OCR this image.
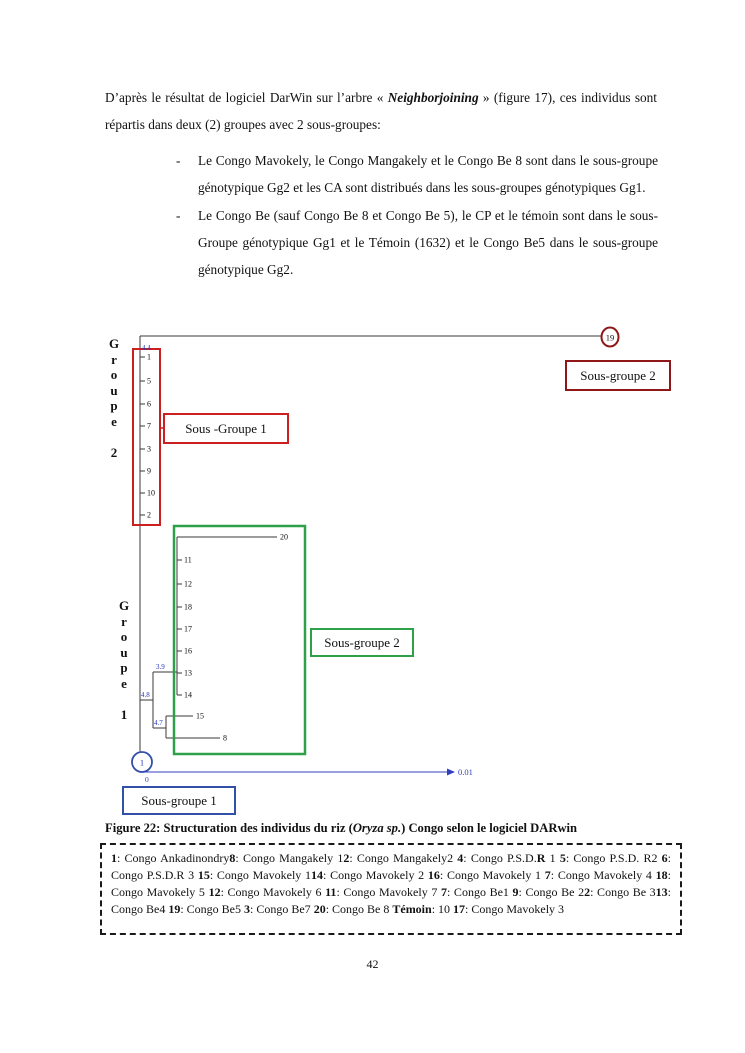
D’après le résultat de logiciel DarWin sur l’arbre « Neighborjoining » (figure 17), ces individus sont répartis dans deux (2) groupes avec 2 sous-groupes:
-	Le Congo Mavokely, le Congo Mangakely et le Congo Be 8 sont dans le sous-groupe génotypique Gg2 et les CA sont distribués dans les sous-groupes génotypiques Gg1.
-	Le Congo Be (sauf Congo Be 8 et Congo Be 5), le CP et le témoin sont dans le sous-Groupe génotypique Gg1 et le Témoin (1632) et le Congo Be5 dans le sous-groupe génotypique Gg2.
19
1
0.01
0
4.4
3.9
4.8
4.7
1
5
6
7
3
9
10
2
20
11
12
18
17
16
13
14
15
8
G
r
o
u
p
e

2
G
r
o
u
p
e

1
Sous -Groupe 1
Sous-groupe 2
Sous-groupe 2
Sous-groupe 1
Figure 22: Structuration des individus du riz (Oryza sp.) Congo selon le logiciel DARwin
1: Congo Ankadinondry8: Congo Mangakely 12: Congo Mangakely2 4: Congo P.S.D.R 1 5: Congo P.S.D. R2 6: Congo P.S.D.R 3 15: Congo Mavokely 114: Congo Mavokely 2 16: Congo Mavokely 1 7: Congo Mavokely 4 18: Congo Mavokely 5 12: Congo Mavokely 6 11: Congo Mavokely 7 7: Congo Be1 9: Congo Be 22: Congo Be 313: Congo Be4 19: Congo Be5 3: Congo Be7 20: Congo Be 8 Témoin: 10 17: Congo Mavokely 3
42
